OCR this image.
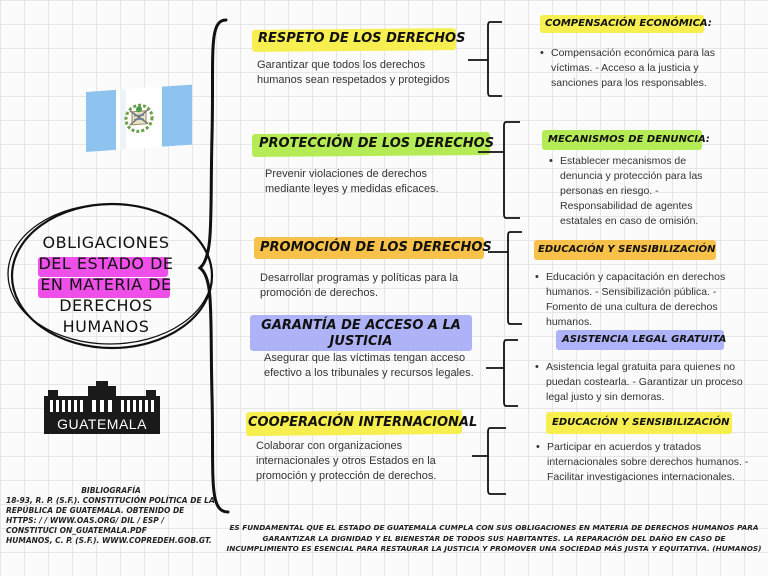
OBLIGACIONES
DEL ESTADO DE
EN MATERIA DE
DERECHOS
HUMANOS
GUATEMALA
BIBLIOGRAFÍA
18-93, R. P. (S.F.). CONSTITUCIÓN POLÍTICA DE LA REPÚBLICA DE GUATEMALA. OBTENIDO DE HTTPS: / / WWW.OAS.ORG/ DIL / ESP / CONSTITUCI ON_GUATEMALA.PDF
HUMANOS, C. P. (S.F.). WWW.COPREDEH.GOB.GT.
RESPETO DE LOS DERECHOS
Garantizar que todos los derechos humanos sean respetados y protegidos
COMPENSACIÓN ECONÓMICA:
• Compensación económica para las víctimas. - Acceso a la justicia y sanciones para los responsables.
PROTECCIÓN DE LOS DERECHOS
Prevenir violaciones de derechos mediante leyes y medidas eficaces.
MECANISMOS DE DENUNCIA:
• Establecer mecanismos de denuncia y protección para las personas en riesgo. - Responsabilidad de agentes estatales en caso de omisión.
PROMOCIÓN DE LOS DERECHOS
Desarrollar programas y políticas para la promoción de derechos.
EDUCACIÓN Y SENSIBILIZACIÓN
• Educación y capacitación en derechos humanos. - Sensibilización pública. - Fomento de una cultura de derechos humanos.
GARANTÍA DE ACCESO A LA JUSTICIA
Asegurar que las víctimas tengan acceso efectivo a los tribunales y recursos legales.
ASISTENCIA LEGAL GRATUITA
• Asistencia legal gratuita para quienes no puedan costearla. - Garantizar un proceso legal justo y sin demoras.
COOPERACIÓN INTERNACIONAL
Colaborar con organizaciones internacionales y otros Estados en la promoción y protección de derechos.
EDUCACIÓN Y SENSIBILIZACIÓN
• Participar en acuerdos y tratados internacionales sobre derechos humanos. - Facilitar investigaciones internacionales.
ES FUNDAMENTAL QUE EL ESTADO DE GUATEMALA CUMPLA CON SUS OBLIGACIONES EN MATERIA DE DERECHOS HUMANOS PARA GARANTIZAR LA DIGNIDAD Y EL BIENESTAR DE TODOS SUS HABITANTES. LA REPARACIÓN DEL DAÑO EN CASO DE INCUMPLIMIENTO ES ESENCIAL PARA RESTAURAR LA JUSTICIA Y PROMOVER UNA SOCIEDAD MÁS JUSTA Y EQUITATIVA. (HUMANOS)
